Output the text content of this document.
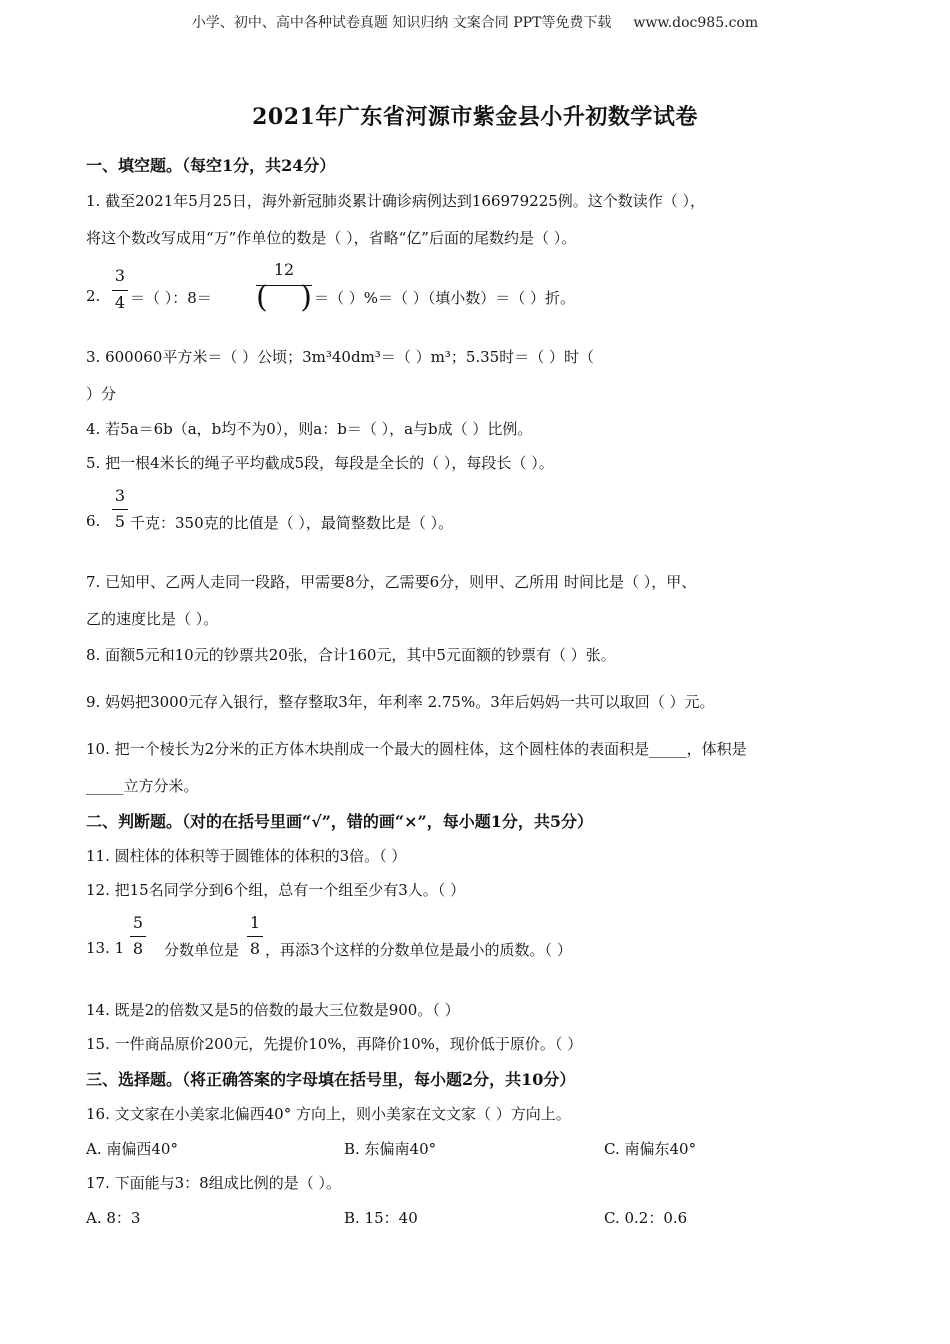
小学、初中、高中各种试卷真题 知识归纳 文案合同 PPT等免费下载 www.doc985.com
2021年广东省河源市紫金县小升初数学试卷
一、填空题。（每空1分，共24分）
1. 截至2021年5月25日，海外新冠肺炎累计确诊病例达到166979225例。这个数读作（ ），
将这个数改写成用“万”作单位的数是（ ），省略“亿”后面的尾数约是（ ）。
2.
3
4 ＝（ ）：8＝
12
( ) ＝（ ）%＝（ ）（填小数）＝（ ）折。
3. 600060平方米＝（ ）公顷；3m³40dm³＝（ ）m³；5.35时＝（ ）时（
）分
4. 若5a＝6b（a，b均不为0），则a：b＝（ ），a与b成（ ）比例。
5. 把一根4米长的绳子平均截成5段，每段是全长的（ ），每段长（ ）。
6.
3
5 千克：350克的比值是（ ），最简整数比是（ ）。
7. 已知甲、乙两人走同一段路，甲需要8分，乙需要6分，则甲、乙所用 时间比是（ ），甲、
乙的速度比是（ ）。
8. 面额5元和10元的钞票共20张，合计160元，其中5元面额的钞票有（ ）张。
9. 妈妈把3000元存入银行，整存整取3年，年利率 2.75%。3年后妈妈一共可以取回（ ）元。
10. 把一个棱长为2分米的正方体木块削成一个最大的圆柱体，这个圆柱体的表面积是_____，体积是
_____立方分米。
二、判断题。（对的在括号里画“√”，错的画“×”，每小题1分，共5分）
11. 圆柱体的体积等于圆锥体的体积的3倍。（ ）
12. 把15名同学分到6个组，总有一个组至少有3人。（ ）
13. 1
5
8 分数单位是
1
8 ，再添3个这样的分数单位是最小的质数。（ ）
14. 既是2的倍数又是5的倍数的最大三位数是900。（ ）
15. 一件商品原价200元，先提价10%，再降价10%，现价低于原价。（ ）
三、选择题。（将正确答案的字母填在括号里，每小题2分，共10分）
16. 文文家在小美家北偏西40° 方向上，则小美家在文文家（ ）方向上。
A. 南偏西40°	B. 东偏南40°	C. 南偏东40°
17. 下面能与3：8组成比例的是（ ）。
A. 8：3	B. 15：40	C. 0.2：0.6
